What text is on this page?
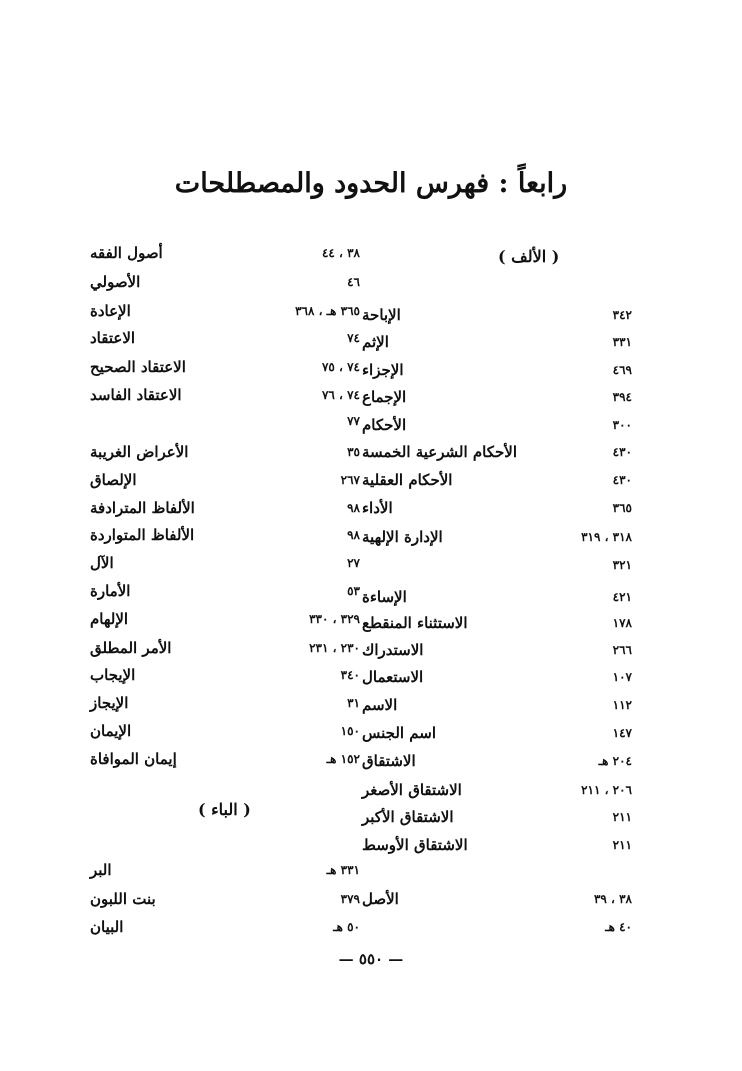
رابعاً : فهرس الحدود والمصطلحات
( الألف )
الإباحة	٣٤٢
الإثم	٣٣١
الإجزاء	٤٦٩
الإجماع	٣٩٤
الأحكام	٣٠٠
الأحكام الشرعية الخمسة	٤٣٠
الأحكام العقلية	٤٣٠
الأداء	٣٦٥
الإدارة الإلهية	٣١٨ ، ٣١٩
٣٢١
الإساءة	٤٢١
الاستثناء المنقطع	١٧٨
الاستدراك	٢٦٦
الاستعمال	١٠٧
الاسم	١١٢
اسم الجنس	١٤٧
الاشتقاق	٢٠٤ هـ
الاشتقاق الأصغر	٢٠٦ ، ٢١١
الاشتقاق الأكبر	٢١١
الاشتقاق الأوسط	٢١١
الأصل	٣٨ ، ٣٩
٤٠ هـ
أصول الفقه	٣٨ ، ٤٤
الأصولي	٤٦
الإعادة	٣٦٥ هـ ، ٣٦٨
الاعتقاد	٧٤
الاعتقاد الصحيح	٧٤ ، ٧٥
الاعتقاد الفاسد	٧٤ ، ٧٦
٧٧
الأعراض الغريبة	٣٥
الإلصاق	٢٦٧
الألفاظ المترادفة	٩٨
الألفاظ المتواردة	٩٨
الآل	٢٧
الأمارة	٥٣
الإلهام	٣٢٩ ، ٣٣٠
الأمر المطلق	٢٣٠ ، ٢٣١
الإيجاب	٣٤٠
الإيجاز	٣١
الإيمان	١٥٠
إيمان الموافاة	١٥٢ هـ
البر	٣٣١ هـ
بنت اللبون	٣٧٩
البيان	٥٠ هـ
( الباء )
— ٥٥٠ —
